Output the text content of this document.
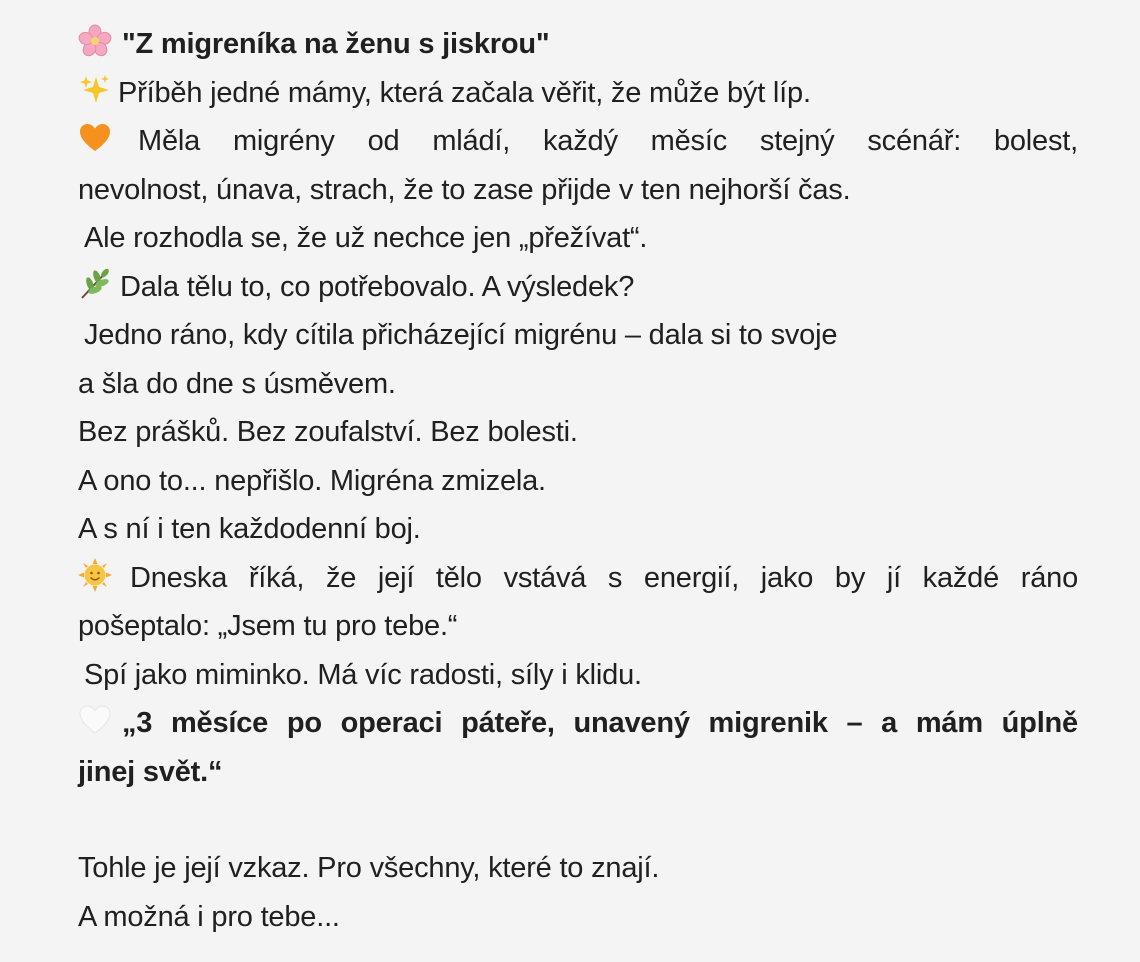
"Z migreníka na ženu s jiskrou"

Příběh jedné mámy, která začala věřit, že může být líp.

Měla migrény od mládí, každý měsíc stejný scénář: bolest,
nevolnost, únava, strach, že to zase přijde v ten nejhorší čas.

Ale rozhodla se, že už nechce jen „přežívat“.

Dala tělu to, co potřebovalo. A výsledek?

Jedno ráno, kdy cítila přicházející migrénu – dala si to svoje

a šla do dne s úsměvem.

Bez prášků. Bez zoufalství. Bez bolesti.

A ono to... nepřišlo. Migréna zmizela.

A s ní i ten každodenní boj.

Dneska říká, že její tělo vstává s energií, jako by jí každé ráno
pošeptalo: „Jsem tu pro tebe.“

Spí jako miminko. Má víc radosti, síly i klidu.

„3 měsíce po operaci páteře, unavený migrenik – a mám úplně
jinej svět.“

Tohle je její vzkaz. Pro všechny, které to znají.

A možná i pro tebe...
